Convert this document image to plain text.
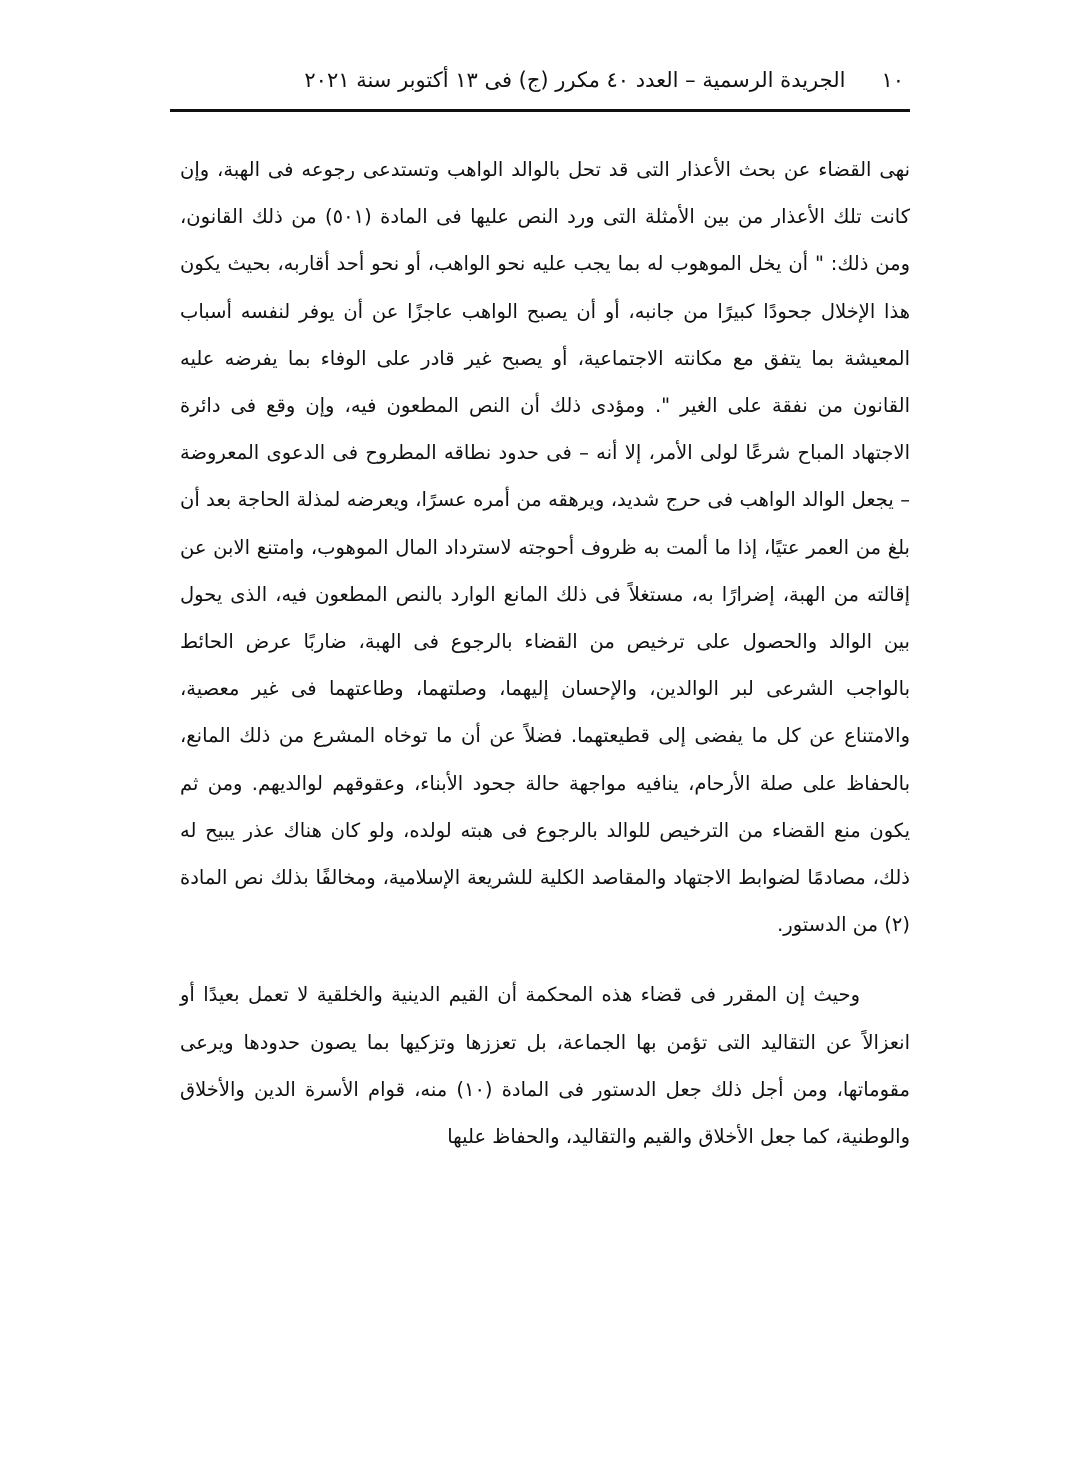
١٠
الجريدة الرسمية – العدد ٤٠ مكرر (ج) فى ١٣ أكتوبر سنة ٢٠٢١

نهى القضاء عن بحث الأعذار التى قد تحل بالوالد الواهب وتستدعى رجوعه فى الهبة، وإن كانت تلك الأعذار من بين الأمثلة التى ورد النص عليها فى المادة (٥٠١) من ذلك القانون، ومن ذلك: " أن يخل الموهوب له بما يجب عليه نحو الواهب، أو نحو أحد أقاربه، بحيث يكون هذا الإخلال جحودًا كبيرًا من جانبه، أو أن يصبح الواهب عاجزًا عن أن يوفر لنفسه أسباب المعيشة بما يتفق مع مكانته الاجتماعية، أو يصبح غير قادر على الوفاء بما يفرضه عليه القانون من نفقة على الغير ". ومؤدى ذلك أن النص المطعون فيه، وإن وقع فى دائرة الاجتهاد المباح شرعًا لولى الأمر، إلا أنه – فى حدود نطاقه المطروح فى الدعوى المعروضة – يجعل الوالد الواهب فى حرج شديد، ويرهقه من أمره عسرًا، ويعرضه لمذلة الحاجة بعد أن بلغ من العمر عتيًا، إذا ما ألمت به ظروف أحوجته لاسترداد المال الموهوب، وامتنع الابن عن إقالته من الهبة، إضرارًا به، مستغلاً فى ذلك المانع الوارد بالنص المطعون فيه، الذى يحول بين الوالد والحصول على ترخيص من القضاء بالرجوع فى الهبة، ضاربًا عرض الحائط بالواجب الشرعى لبر الوالدين، والإحسان إليهما، وصلتهما، وطاعتهما فى غير معصية، والامتناع عن كل ما يفضى إلى قطيعتهما. فضلاً عن أن ما توخاه المشرع من ذلك المانع، بالحفاظ على صلة الأرحام، ينافيه مواجهة حالة جحود الأبناء، وعقوقهم لوالديهم. ومن ثم يكون منع القضاء من الترخيص للوالد بالرجوع فى هبته لولده، ولو كان هناك عذر يبيح له ذلك، مصادمًا لضوابط الاجتهاد والمقاصد الكلية للشريعة الإسلامية، ومخالفًا بذلك نص المادة (٢) من الدستور.

وحيث إن المقرر فى قضاء هذه المحكمة أن القيم الدينية والخلقية لا تعمل بعيدًا أو انعزالاً عن التقاليد التى تؤمن بها الجماعة، بل تعززها وتزكيها بما يصون حدودها ويرعى مقوماتها، ومن أجل ذلك جعل الدستور فى المادة (١٠) منه، قوام الأسرة الدين والأخلاق والوطنية، كما جعل الأخلاق والقيم والتقاليد، والحفاظ عليها
